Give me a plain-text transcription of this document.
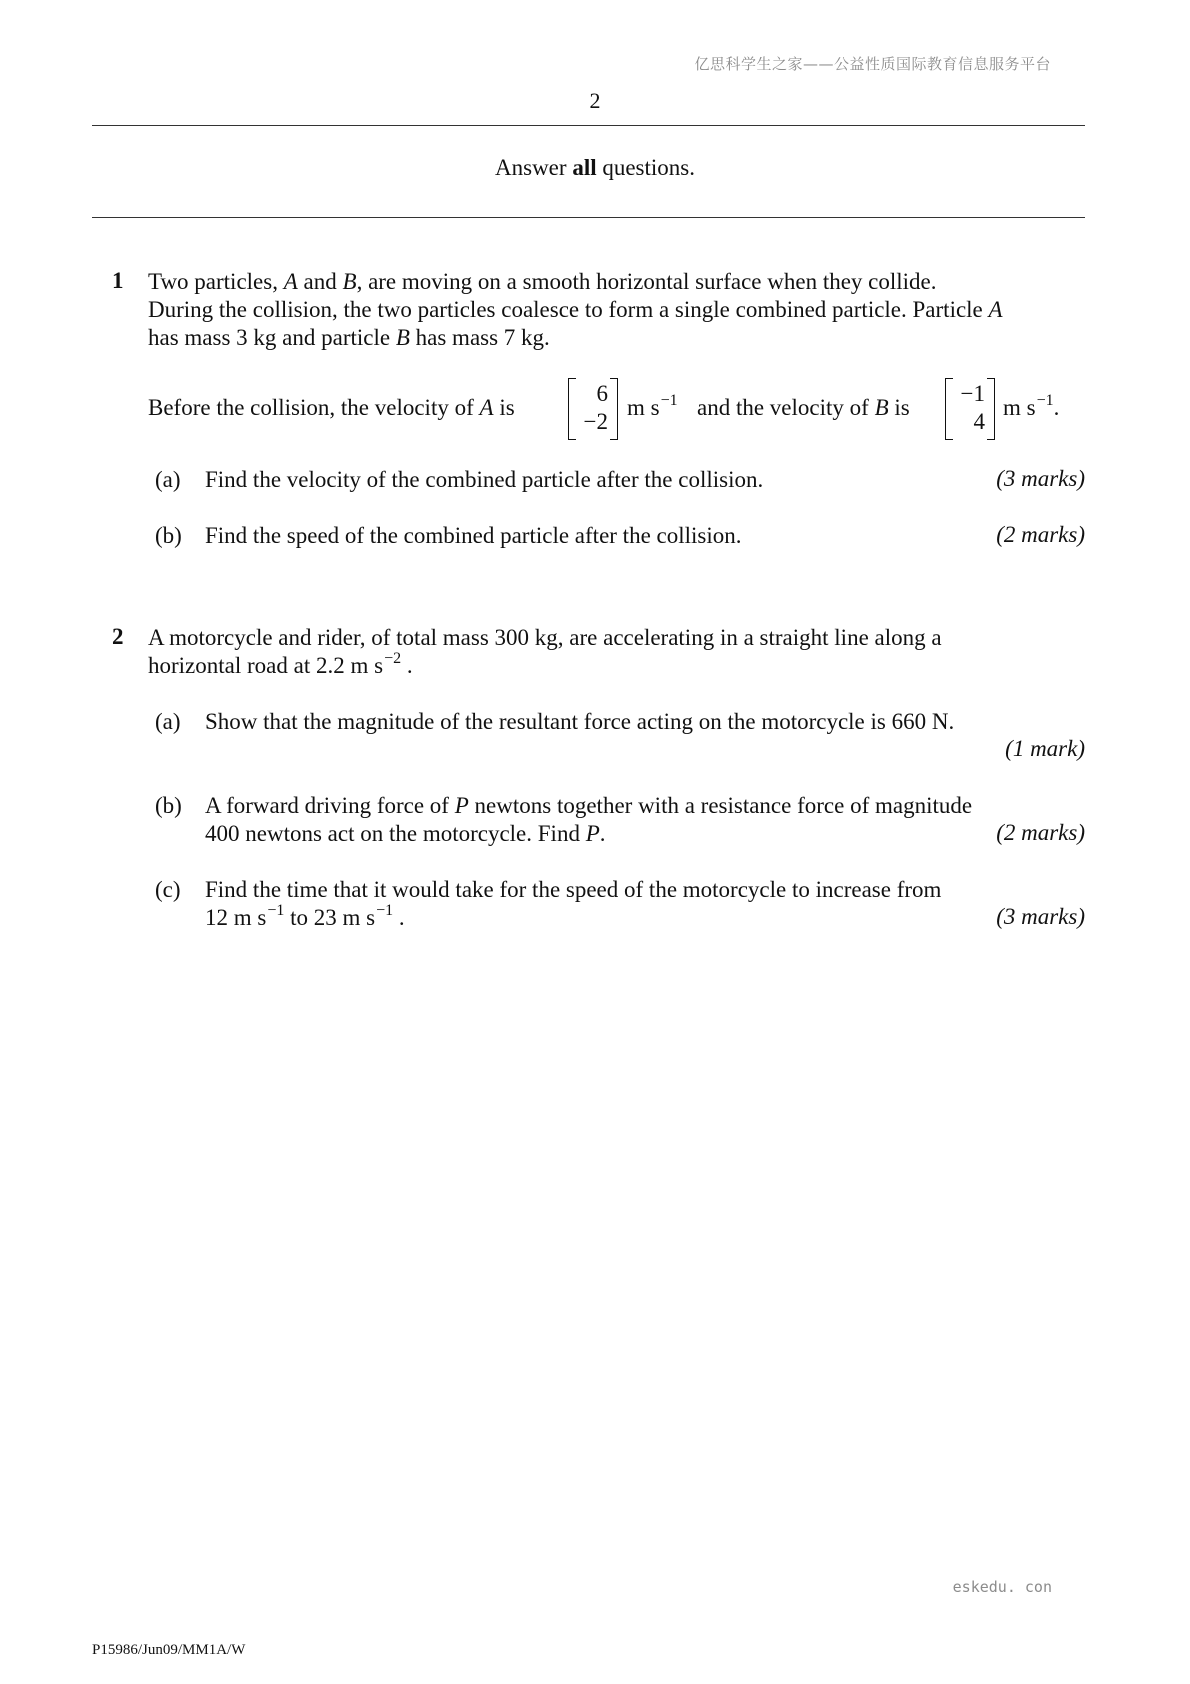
亿思科学生之家——公益性质国际教育信息服务平台
2
Answer all questions.
1 Two particles, A and B, are moving on a smooth horizontal surface when they collide.
During the collision, the two particles coalesce to form a single combined particle. Particle A
has mass 3 kg and particle B has mass 7 kg.
Before the collision, the velocity of A is
6
−2
m $s^{-1}$ and the velocity of B is
−1
4
m $s^{-1}$.
(a) Find the velocity of the combined particle after the collision.	(3 marks)
(b) Find the speed of the combined particle after the collision.	(2 marks)
2 A motorcycle and rider, of total mass 300 kg, are accelerating in a straight line along a
horizontal road at 2.2 m $s^{-2}$ .
(a) Show that the magnitude of the resultant force acting on the motorcycle is 660 N.
(1 mark)
(b) A forward driving force of P newtons together with a resistance force of magnitude
400 newtons act on the motorcycle. Find P.	(2 marks)
(c) Find the time that it would take for the speed of the motorcycle to increase from
12 m $s^{-1}$ to 23 m $s^{-1}$ .	(3 marks)
eskedu. con
P15986/Jun09/MM1A/W
